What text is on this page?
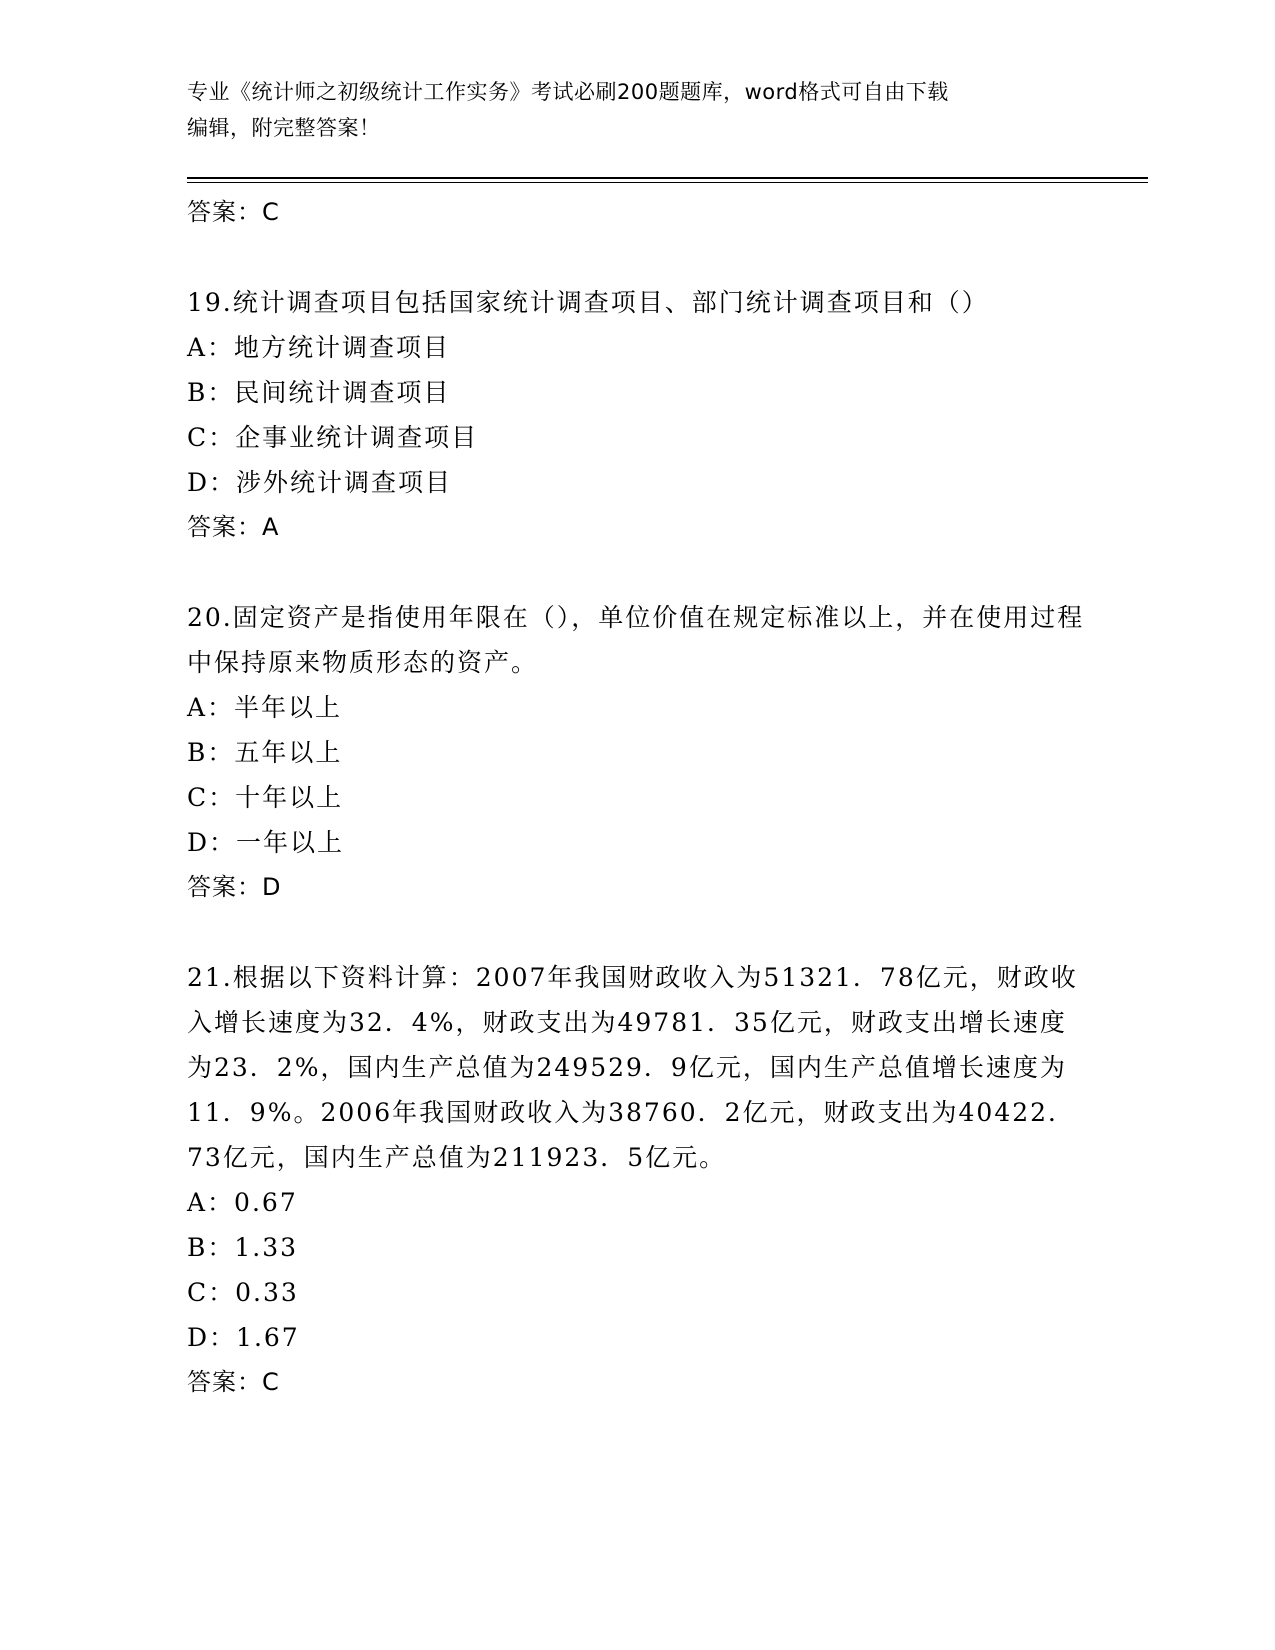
专业《统计师之初级统计工作实务》考试必刷200题题库，word格式可自由下载
编辑，附完整答案！
答案：C

19.统计调查项目包括国家统计调查项目、部门统计调查项目和（）

A：地方统计调查项目
B：民间统计调查项目
C：企事业统计调查项目
D：涉外统计调查项目
答案：A

20.固定资产是指使用年限在（），单位价值在规定标准以上，并在使用过程中保持原来物质形态的资产。

A：半年以上
B：五年以上
C：十年以上
D：一年以上
答案：D

21.根据以下资料计算：2007年我国财政收入为51321．78亿元，财政收入增长速度为32．4%，财政支出为49781．35亿元，财政支出增长速度为23．2%，国内生产总值为249529．9亿元，国内生产总值增长速度为11．9%。2006年我国财政收入为38760．2亿元，财政支出为40422．73亿元，国内生产总值为211923．5亿元。

A：0.67
B：1.33
C：0.33
D：1.67
答案：C
